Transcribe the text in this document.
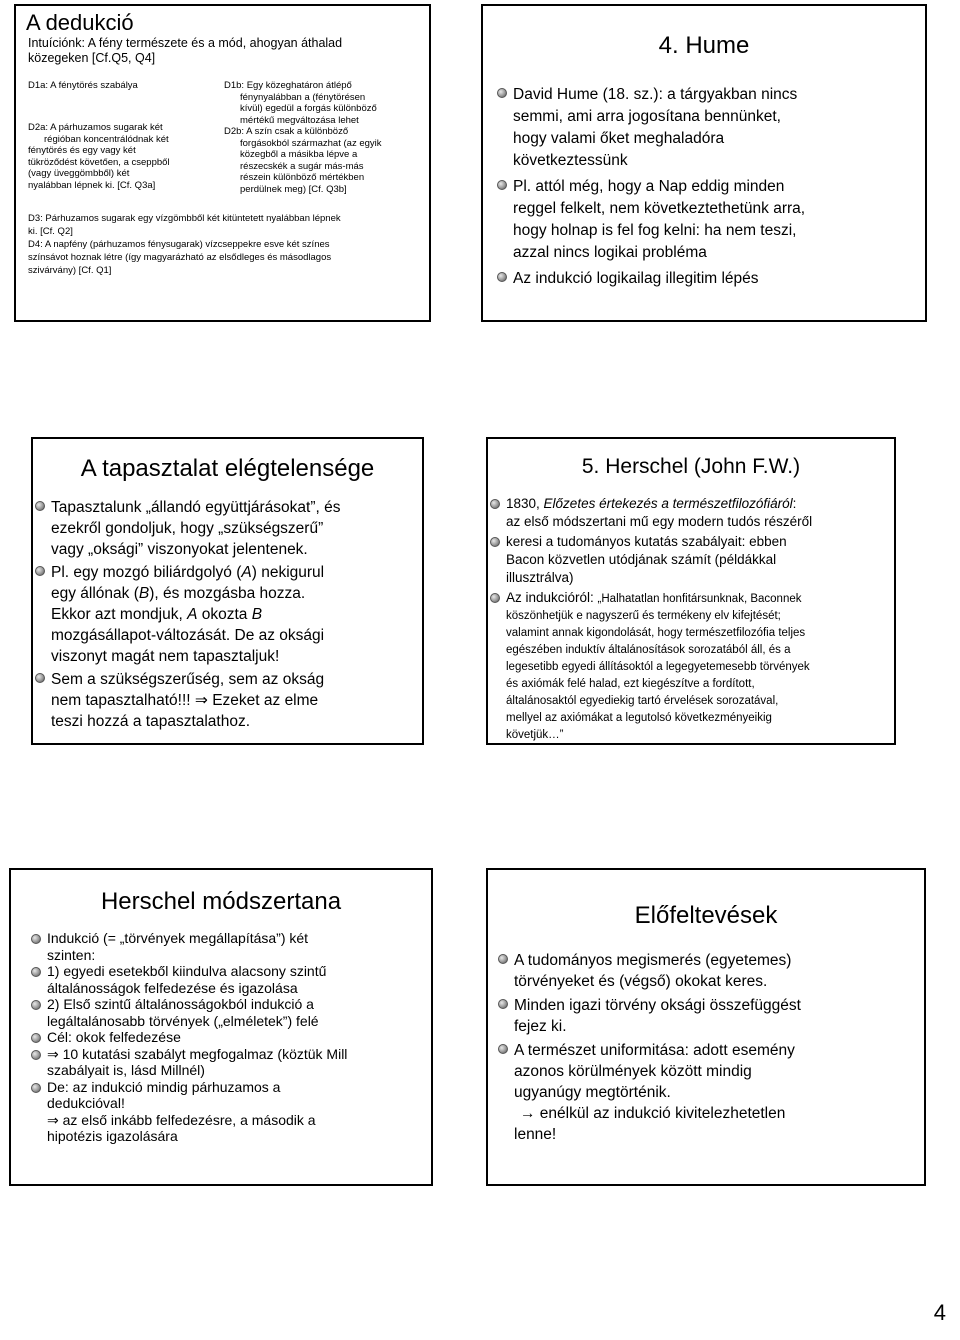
A dedukció
Intuíciónk: A fény természete és a mód, ahogyan áthalad
közegeken [Cf.Q5, Q4]
D1a: A fénytörés szabálya
D2a: A párhuzamos sugarak két
régióban koncentrálódnak két
fénytörés és egy vagy két
tükröződést követően, a cseppből
(vagy üveggömbből) két
nyalábban lépnek ki. [Cf. Q3a]
D1b: Egy közeghatáron átlépő
fénynyalábban a (fénytörésen
kívül) egedül a forgás különböző
mértékű megváltozása lehet
D2b: A szín csak a különböző
forgásokból származhat (az egyik
közegből a másikba lépve a
részecskék a sugár más-más
részein különböző mértékben
perdülnek meg) [Cf. Q3b]
D3: Párhuzamos sugarak egy vízgömbből két kitüntetett nyalábban lépnek
ki. [Cf. Q2]
D4: A napfény (párhuzamos fénysugarak) vízcseppekre esve két színes
színsávot hoznak létre (így magyarázható az elsődleges és másodlagos
szivárvány) [Cf. Q1]
4. Hume
David Hume (18. sz.): a tárgyakban nincs
semmi, ami arra jogosítana bennünket,
hogy valami őket meghaladóra
következtessünk
Pl. attól még, hogy a Nap eddig minden
reggel felkelt, nem következtethetünk arra,
hogy holnap is fel fog kelni: ha nem teszi,
azzal nincs logikai probléma
Az indukció logikailag illegitim lépés
A tapasztalat elégtelensége
Tapasztalunk „állandó együttjárásokat”, és
ezekről gondoljuk, hogy „szükségszerű”
vagy „oksági” viszonyokat jelentenek.
Pl. egy mozgó biliárdgolyó (A) nekigurul
egy állónak (B), és mozgásba hozza.
Ekkor azt mondjuk, A okozta B
mozgásállapot-változását. De az oksági
viszonyt magát nem tapasztaljuk!
Sem a szükségszerűség, sem az okság
nem tapasztalható!!! ⇒ Ezeket az elme
teszi hozzá a tapasztalathoz.
5. Herschel (John F.W.)
1830, Előzetes értekezés a természetfilozófiáról:
az első módszertani mű egy modern tudós részéről
keresi a tudományos kutatás szabályait: ebben
Bacon közvetlen utódjának számít (példákkal
illusztrálva)
Az indukcióról: „Halhatatlan honfitársunknak, Baconnek
köszönhetjük e nagyszerű és termékeny elv kifejtését;
valamint annak kigondolását, hogy természetfilozófia teljes
egészében induktív általánosítások sorozatából áll, és a
legesetibb egyedi állításoktól a legegyetemesebb törvények
és axiómák felé halad, ezt kiegészítve a fordított,
általánosaktól egyediekig tartó érvelések sorozatával,
mellyel az axiómákat a legutolsó következményeikig
követjük…”
Herschel módszertana
Indukció (= „törvények megállapítása”) két
szinten:
1) egyedi esetekből kiindulva alacsony szintű
általánosságok felfedezése és igazolása
2) Első szintű általánosságokból indukció a
legáltalánosabb törvények („elméletek”) felé
Cél: okok felfedezése
⇒ 10 kutatási szabályt megfogalmaz (köztük Mill
szabályait is, lásd Millnél)
De: az indukció mindig párhuzamos a
dedukcióval!
⇒ az első inkább felfedezésre, a második a
hipotézis igazolására
Előfeltevések
A tudományos megismerés (egyetemes)
törvényeket és (végső) okokat keres.
Minden igazi törvény oksági összefüggést
fejez ki.
A természet uniformitása: adott esemény
azonos körülmények között mindig
ugyanúgy megtörténik.
→ enélkül az indukció kivitelezhetetlen
lenne!
4
